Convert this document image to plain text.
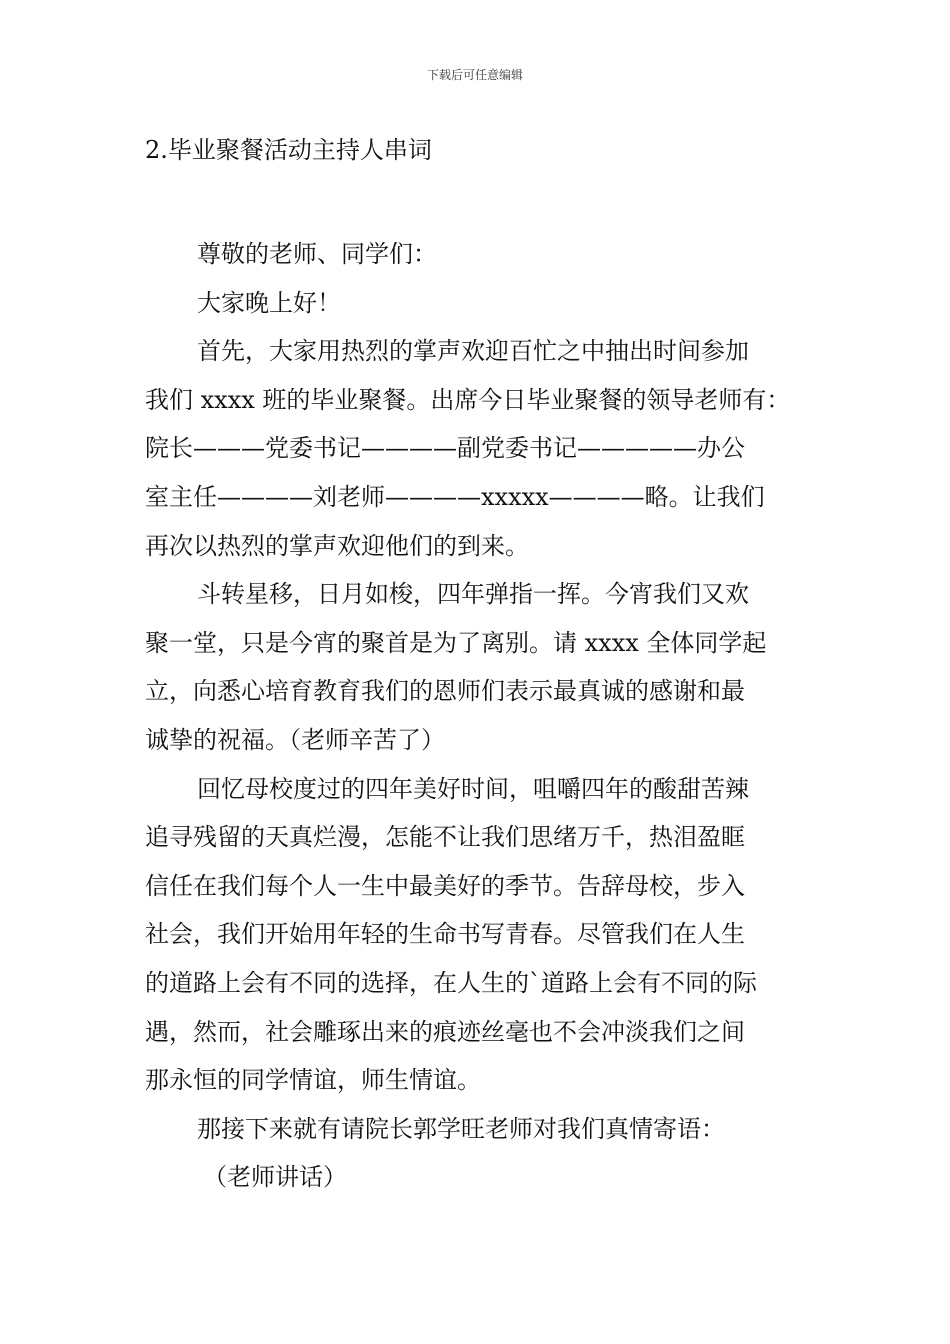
下载后可任意编辑
2.毕业聚餐活动主持人串词
尊敬的老师、同学们：
大家晚上好！
首先，大家用热烈的掌声欢迎百忙之中抽出时间参加
我们 xxxx 班的毕业聚餐。出席今日毕业聚餐的领导老师有：
院长———党委书记————副党委书记—————办公
室主任————刘老师————xxxxx————略。让我们
再次以热烈的掌声欢迎他们的到来。
斗转星移，日月如梭，四年弹指一挥。今宵我们又欢
聚一堂，只是今宵的聚首是为了离别。请 xxxx 全体同学起
立，向悉心培育教育我们的恩师们表示最真诚的感谢和最
诚挚的祝福。（老师辛苦了）
回忆母校度过的四年美好时间，咀嚼四年的酸甜苦辣
追寻残留的天真烂漫，怎能不让我们思绪万千，热泪盈眶
信任在我们每个人一生中最美好的季节。告辞母校，步入
社会，我们开始用年轻的生命书写青春。尽管我们在人生
的道路上会有不同的选择，在人生的`道路上会有不同的际
遇，然而，社会雕琢出来的痕迹丝毫也不会冲淡我们之间
那永恒的同学情谊，师生情谊。
那接下来就有请院长郭学旺老师对我们真情寄语：
（老师讲话）
